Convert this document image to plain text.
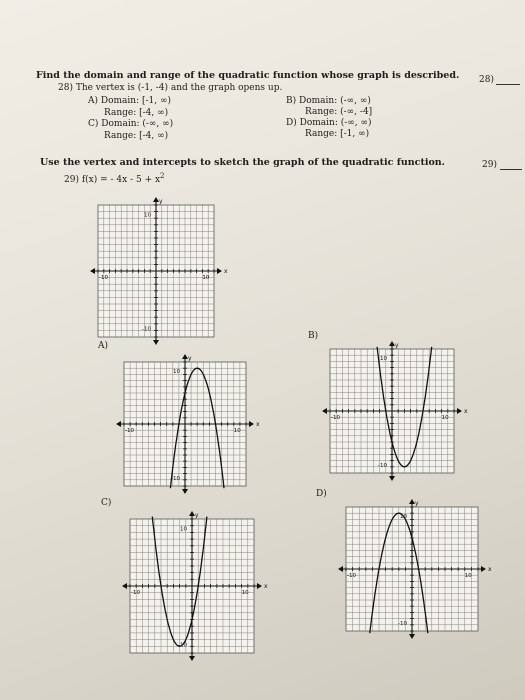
Find the domain and range of the quadratic function whose graph is described. 28)
28) The vertex is (-1, -4) and the graph opens up.
A) Domain: [-1, ∞)
Range: [-4, ∞)
C) Domain: (-∞, ∞)
Range: [-4, ∞)
B) Domain: (-∞, ∞)
Range: (-∞, -4]
D) Domain: (-∞, ∞)
Range: [-1, ∞)
Use the vertex and intercepts to sketch the graph of the quadratic function.	29)
29) f(x) = - $4x - 5 + x^2$
A)
B)
C)
D)
x
y
10
-10
10
-10
x
y
10
-10
10
-10
x
y
10
-10
10
-10
x
y
10
-10
10
-10
x
y
10
-10
10
-10
